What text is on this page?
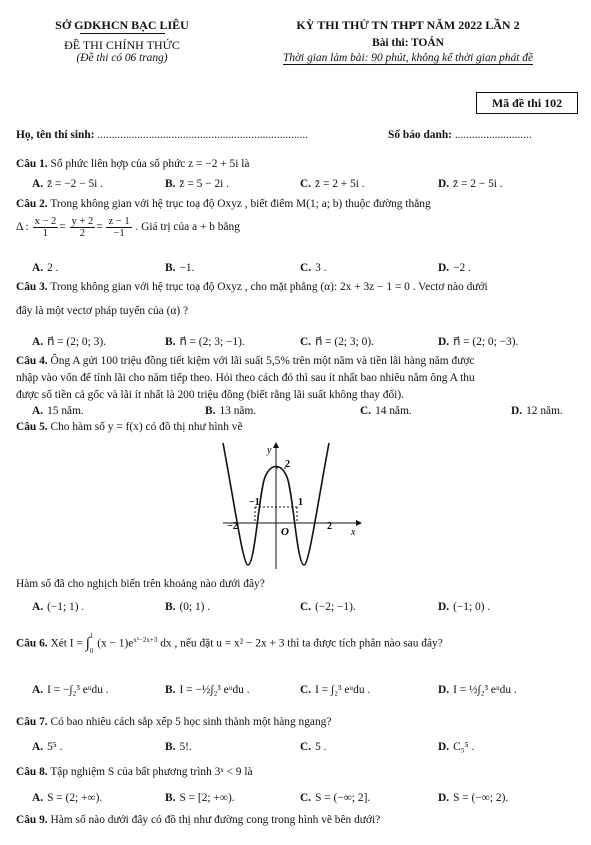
SỞ GDKHCN BẠC LIÊU
ĐỀ THI CHÍNH THỨC
(Đề thi có 06 trang)
KỲ THI THỬ TN THPT NĂM 2022 LẦN 2
Bài thi: TOÁN
Thời gian làm bài: 90 phút, không kể thời gian phát đề
Mã đề thi 102
Họ, tên thí sinh: ..........................................................................	Số báo danh: ...........................
Câu 1. Số phức liên hợp của số phức z = −2 + 5i là
A. z̄ = −2 − 5i .	B. z̄ = 5 − 2i .	C. z̄ = 2 + 5i .	D. z̄ = 2 − 5i .
Câu 2. Trong không gian với hệ trục toạ độ Oxyz , biết điểm M(1; a; b) thuộc đường thẳng
Δ : $\frac{x - 2}{1} = \frac{y + 2}{2} = \frac{z - 1}{-1}$ . Giá trị của a + b bằng
A. 2 .	B. −1.	C. 3 .	D. −2 .
Câu 3. Trong không gian với hệ trục toạ độ Oxyz , cho mặt phẳng (α): 2x + 3z − 1 = 0 . Vectơ nào dưới
đây là một vectơ pháp tuyến của (α) ?
A. n⃗ = (2; 0; 3).	B. n⃗ = (2; 3; −1).	C. n⃗ = (2; 3; 0).	D. n⃗ = (2; 0; −3).
Câu 4. Ông A gửi 100 triệu đồng tiết kiệm với lãi suất 5,5% trên một năm và tiền lãi hàng năm được
nhập vào vốn để tính lãi cho năm tiếp theo. Hỏi theo cách đó thì sau ít nhất bao nhiêu năm ông A thu
được số tiền cả gốc và lãi ít nhất là 200 triệu đồng (biết rằng lãi suất không thay đổi).
A. 15 năm.	B. 13 năm.	C. 14 năm.	D. 12 năm.
Câu 5. Cho hàm số y = f(x) có đồ thị như hình vẽ
y
x
O
2
−1	1
−2	2
Hàm số đã cho nghịch biến trên khoảng nào dưới đây?
A. (−1; 1) .	B. (0; 1) .	C. (−2; −1).	D. (−1; 0) .
Câu 6. Xét I = ∫ 1
0
$(x - 1)e^{x^2-2x+3}$ dx , nếu đặt u = x² − 2x + 3 thì ta được tích phân nào sau đây?
A. I = −∫₂³ eᵘdu .	B. I = −½∫₂³ eᵘdu .	C. I = ∫₂³ eᵘdu .	D. I = ½∫₂³ eᵘdu .
Câu 7. Có bao nhiêu cách sắp xếp 5 học sinh thành một hàng ngang?
A. 5⁵ .	B. 5!.	C. 5 .	D. C₅⁵ .
Câu 8. Tập nghiệm S của bất phương trình 3ˣ < 9 là
A. S = (2; +∞).	B. S = [2; +∞).	C. S = (−∞; 2].	D. S = (−∞; 2).
Câu 9. Hàm số nào dưới đây có đồ thị như đường cong trong hình vẽ bên dưới?
